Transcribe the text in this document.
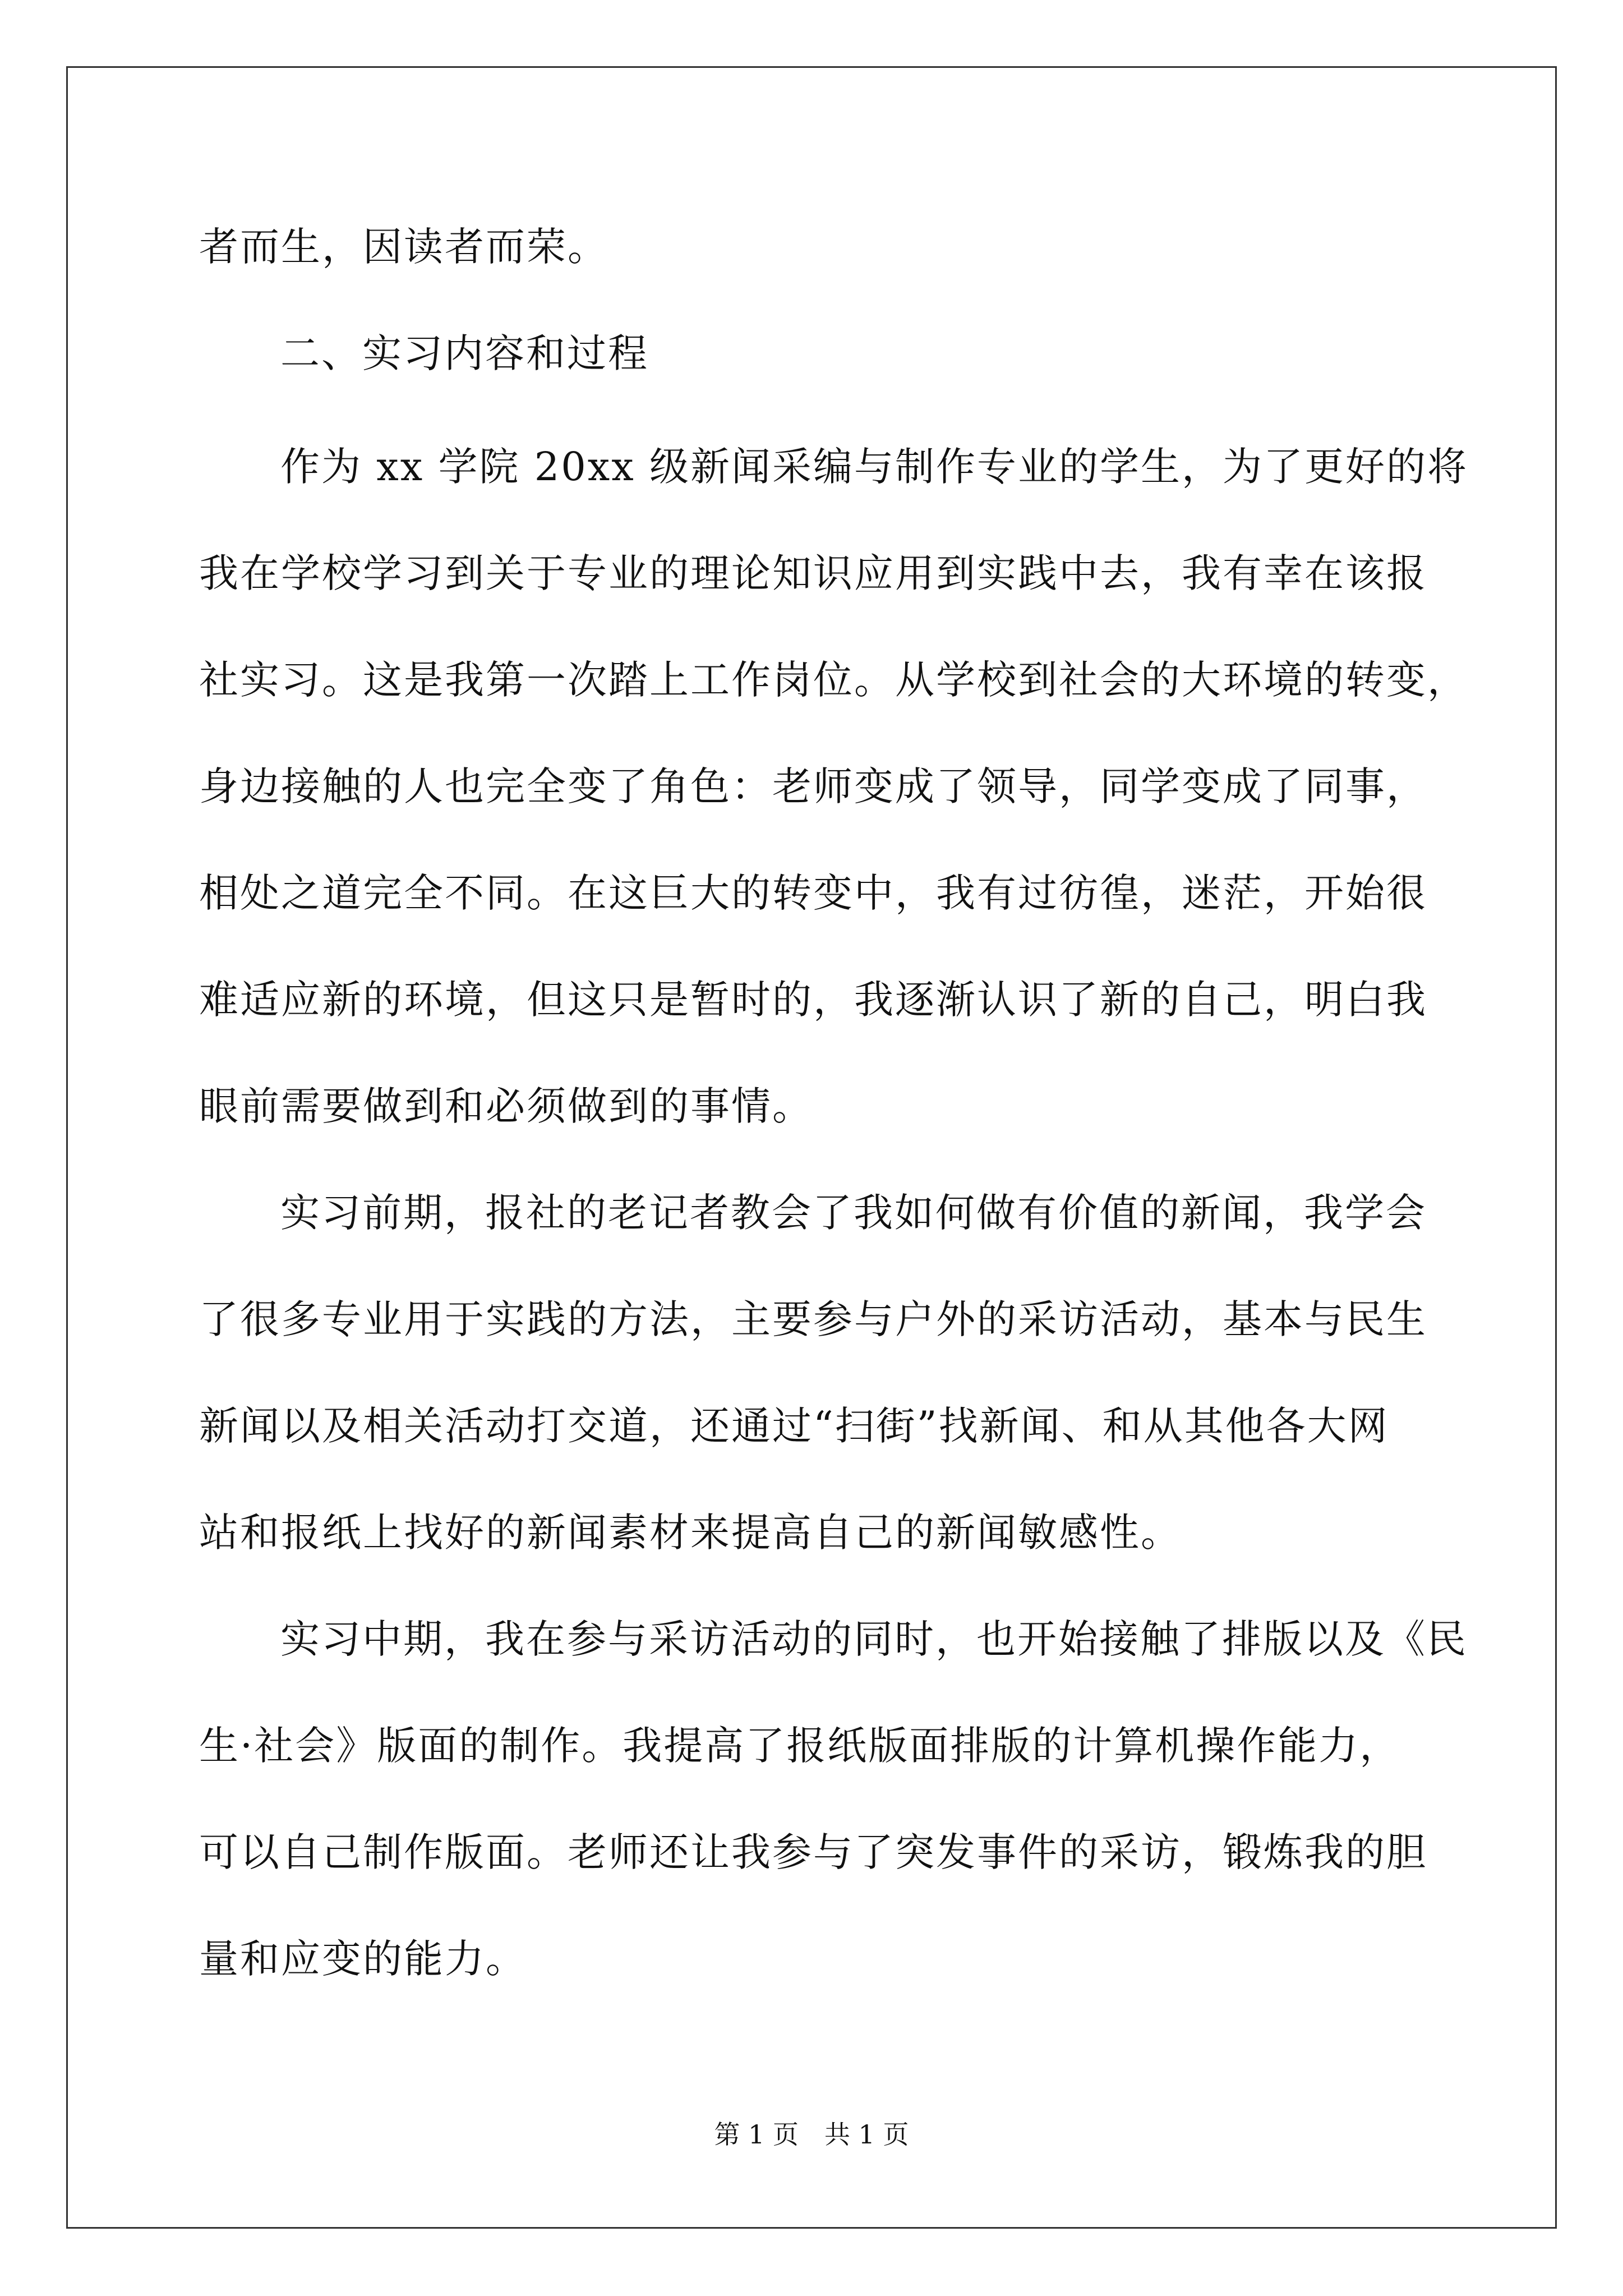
者而生，因读者而荣。
二、实习内容和过程
作为 xx 学院 20xx 级新闻采编与制作专业的学生，为了更好的将
我在学校学习到关于专业的理论知识应用到实践中去，我有幸在该报
社实习。这是我第一次踏上工作岗位。从学校到社会的大环境的转变，
身边接触的人也完全变了角色：老师变成了领导，同学变成了同事，
相处之道完全不同。在这巨大的转变中，我有过彷徨，迷茫，开始很
难适应新的环境，但这只是暂时的，我逐渐认识了新的自己，明白我
眼前需要做到和必须做到的事情。
实习前期，报社的老记者教会了我如何做有价值的新闻，我学会
了很多专业用于实践的方法，主要参与户外的采访活动，基本与民生
新闻以及相关活动打交道，还通过“扫街”找新闻、和从其他各大网
站和报纸上找好的新闻素材来提高自己的新闻敏感性。
实习中期，我在参与采访活动的同时，也开始接触了排版以及《民
生·社会》版面的制作。我提高了报纸版面排版的计算机操作能力，
可以自己制作版面。老师还让我参与了突发事件的采访，锻炼我的胆
量和应变的能力。
第 1 页　共 1 页
